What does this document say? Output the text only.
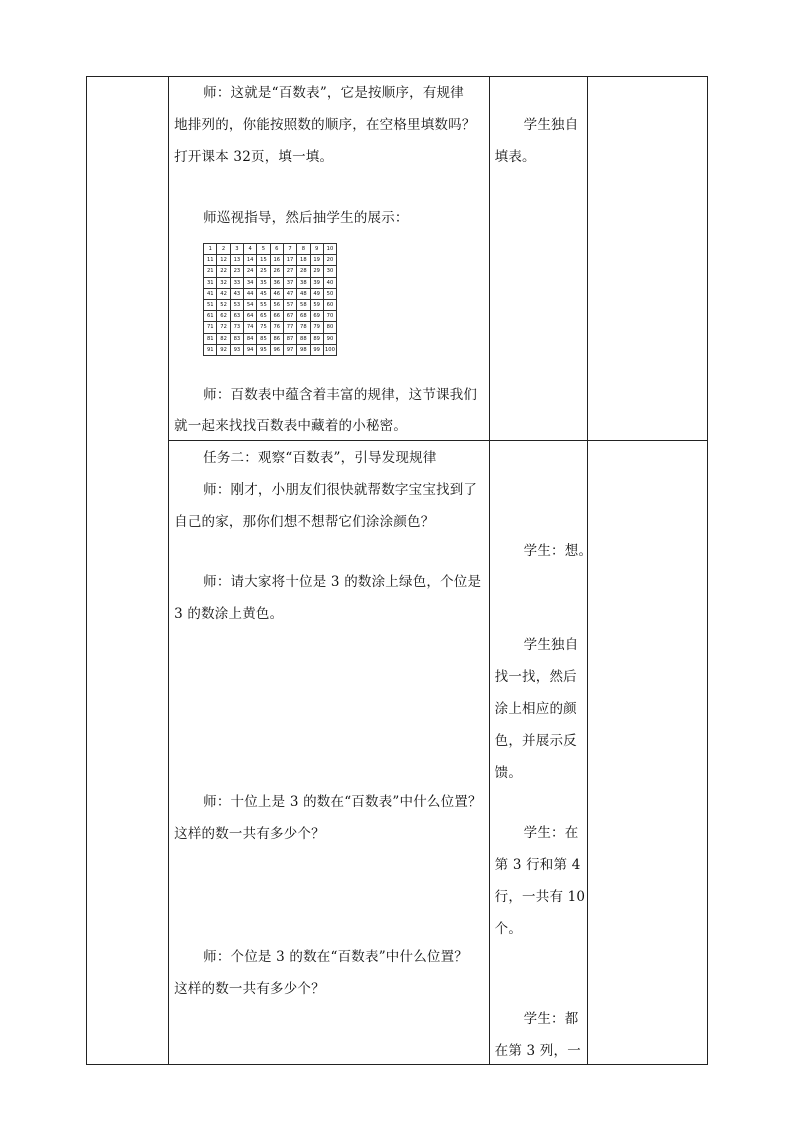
师：这就是“百数表”，它是按顺序，有规律
地排列的，你能按照数的顺序，在空格里填数吗？
打开课本 32页，填一填。
师巡视指导，然后抽学生的展示：
1	2	3	4	5	6	7	8	9	10
11	12	13	14	15	16	17	18	19	20
21	22	23	24	25	26	27	28	29	30
31	32	33	34	35	36	37	38	39	40
41	42	43	44	45	46	47	48	49	50
51	52	53	54	55	56	57	58	59	60
61	62	63	64	65	66	67	68	69	70
71	72	73	74	75	76	77	78	79	80
81	82	83	84	85	86	87	88	89	90
91	92	93	94	95	96	97	98	99	100
师：百数表中蕴含着丰富的规律，这节课我们
就一起来找找百数表中藏着的小秘密。

学生独自
填表。

任务二：观察“百数表”，引导发现规律
师：刚才，小朋友们很快就帮数字宝宝找到了
自己的家，那你们想不想帮它们涂涂颜色？
师：请大家将十位是 3 的数涂上绿色，个位是
3 的数涂上黄色。
师：十位上是 3 的数在“百数表”中什么位置？
这样的数一共有多少个？
师：个位是 3 的数在“百数表”中什么位置？
这样的数一共有多少个？

学生：想。
学生独自
找一找，然后
涂上相应的颜
色，并展示反
馈。
学生：在
第 3 行和第 4
行，一共有 10
个。
学生：都
在第 3 列，一
